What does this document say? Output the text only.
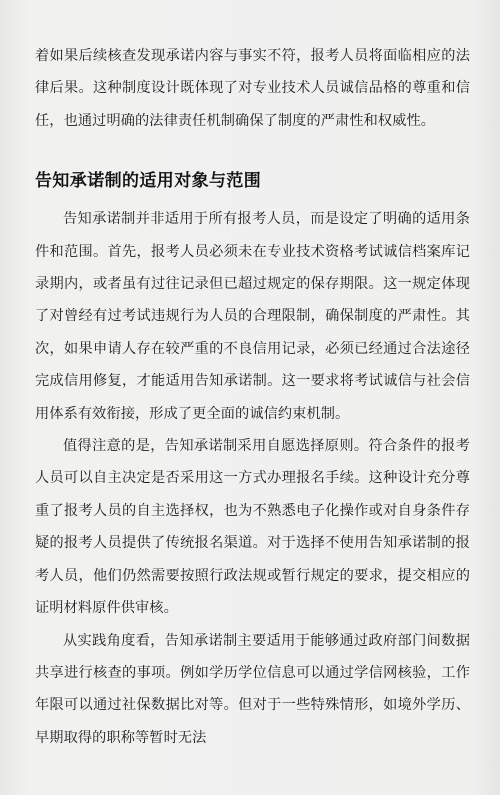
着如果后续核查发现承诺内容与事实不符，报考人员将面临相应的法律后果。这种制度设计既体现了对专业技术人员诚信品格的尊重和信任，也通过明确的法律责任机制确保了制度的严肃性和权威性。

告知承诺制的适用对象与范围

告知承诺制并非适用于所有报考人员，而是设定了明确的适用条件和范围。首先，报考人员必须未在专业技术资格考试诚信档案库记录期内，或者虽有过往记录但已超过规定的保存期限。这一规定体现了对曾经有过考试违规行为人员的合理限制，确保制度的严肃性。其次，如果申请人存在较严重的不良信用记录，必须已经通过合法途径完成信用修复，才能适用告知承诺制。这一要求将考试诚信与社会信用体系有效衔接，形成了更全面的诚信约束机制。

值得注意的是，告知承诺制采用自愿选择原则。符合条件的报考人员可以自主决定是否采用这一方式办理报名手续。这种设计充分尊重了报考人员的自主选择权，也为不熟悉电子化操作或对自身条件存疑的报考人员提供了传统报名渠道。对于选择不使用告知承诺制的报考人员，他们仍然需要按照行政法规或暂行规定的要求，提交相应的证明材料原件供审核。

从实践角度看，告知承诺制主要适用于能够通过政府部门间数据共享进行核查的事项。例如学历学位信息可以通过学信网核验，工作年限可以通过社保数据比对等。但对于一些特殊情形，如境外学历、早期取得的职称等暂时无法
